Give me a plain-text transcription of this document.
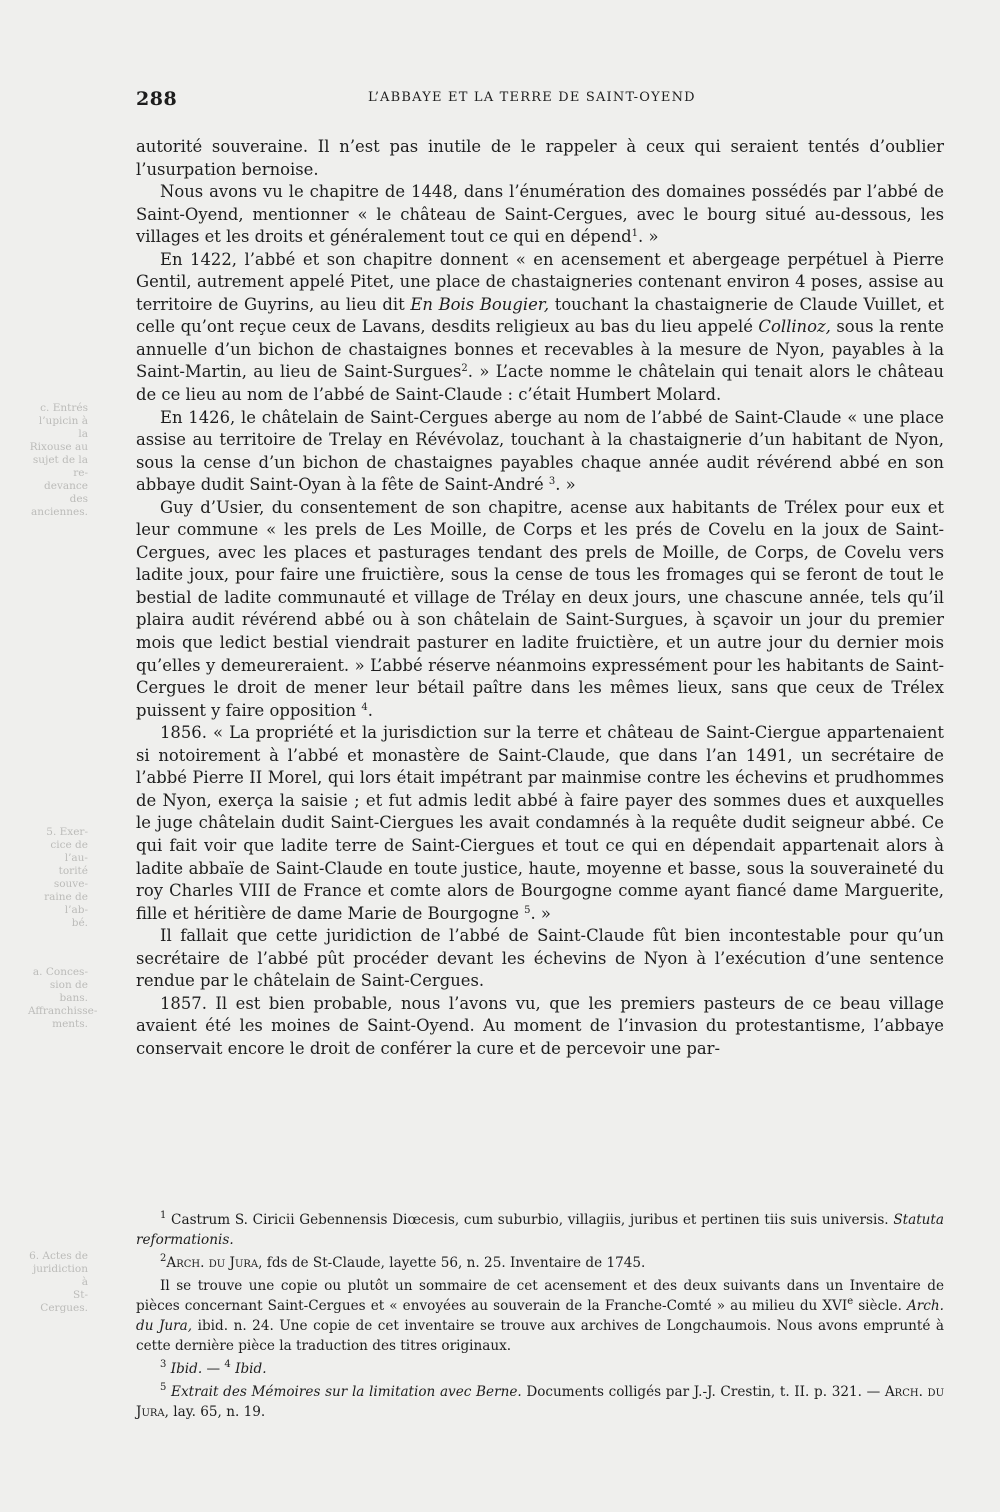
c. Entrés
l’upicin à la
Rixouse au
sujet de la re-
devance des
anciennes.
5. Exer-
cice de l’au-
torité souve-
raine de l’ab-
bé.
a. Conces-
sion de bans.
Affranchisse-
ments.
6. Actes de
juridiction à
St-Cergues.
288	L’ABBAYE ET LA TERRE DE SAINT-OYEND

autorité souveraine. Il n’est pas inutile de le rappeler à ceux qui seraient tentés d’oublier l’usurpation bernoise.

Nous avons vu le chapitre de 1448, dans l’énumération des domaines possédés par l’abbé de Saint-Oyend, mentionner « le château de Saint-Cergues, avec le bourg situé au-dessous, les villages et les droits et généralement tout ce qui en dépend$^1$. »

En 1422, l’abbé et son chapitre donnent « en acensement et abergeage perpétuel à Pierre Gentil, autrement appelé Pitet, une place de chastaigneries contenant environ 4 poses, assise au territoire de Guyrins, au lieu dit En Bois Bougier, touchant la chastaignerie de Claude Vuillet, et celle qu’ont reçue ceux de Lavans, desdits religieux au bas du lieu appelé Collinoz, sous la rente annuelle d’un bichon de chastaignes bonnes et recevables à la mesure de Nyon, payables à la Saint-Martin, au lieu de Saint-Surgues$^2$. » L’acte nomme le châtelain qui tenait alors le château de ce lieu au nom de l’abbé de Saint-Claude : c’était Humbert Molard.

En 1426, le châtelain de Saint-Cergues aberge au nom de l’abbé de Saint-Claude « une place assise au territoire de Trelay en Révévolaz, touchant à la chastaignerie d’un habitant de Nyon, sous la cense d’un bichon de chastaignes payables chaque année audit révérend abbé en son abbaye dudit Saint-Oyan à la fête de Saint-André $^3$. »

Guy d’Usier, du consentement de son chapitre, acense aux habitants de Trélex pour eux et leur commune « les prels de Les Moille, de Corps et les prés de Covelu en la joux de Saint-Cergues, avec les places et pasturages tendant des prels de Moille, de Corps, de Covelu vers ladite joux, pour faire une fruictière, sous la cense de tous les fromages qui se feront de tout le bestial de ladite communauté et village de Trélay en deux jours, une chascune année, tels qu’il plaira audit révérend abbé ou à son châtelain de Saint-Surgues, à sçavoir un jour du premier mois que ledict bestial viendrait pasturer en ladite fruictière, et un autre jour du dernier mois qu’elles y demeureraient. » L’abbé réserve néanmoins expressément pour les habitants de Saint-Cergues le droit de mener leur bétail paître dans les mêmes lieux, sans que ceux de Trélex puissent y faire opposition $^4$.

1856. « La propriété et la jurisdiction sur la terre et château de Saint-Ciergue appartenaient si notoirement à l’abbé et monastère de Saint-Claude, que dans l’an 1491, un secrétaire de l’abbé Pierre II Morel, qui lors était impétrant par mainmise contre les échevins et prudhommes de Nyon, exerça la saisie ; et fut admis ledit abbé à faire payer des sommes dues et auxquelles le juge châtelain dudit Saint-Ciergues les avait condamnés à la requête dudit seigneur abbé. Ce qui fait voir que ladite terre de Saint-Ciergues et tout ce qui en dépendait appartenait alors à ladite abbaïe de Saint-Claude en toute justice, haute, moyenne et basse, sous la souveraineté du roy Charles VIII de France et comte alors de Bourgogne comme ayant fiancé dame Marguerite, fille et héritière de dame Marie de Bourgogne $^5$. »

Il fallait que cette juridiction de l’abbé de Saint-Claude fût bien incontestable pour qu’un secrétaire de l’abbé pût procéder devant les échevins de Nyon à l’exécution d’une sentence rendue par le châtelain de Saint-Cergues.

1857. Il est bien probable, nous l’avons vu, que les premiers pasteurs de ce beau village avaient été les moines de Saint-Oyend. Au moment de l’invasion du protestantisme, l’abbaye conservait encore le droit de conférer la cure et de percevoir une par-

$^1$ Castrum S. Ciricii Gebennensis Diœcesis, cum suburbio, villagiis, juribus et pertinen tiis suis universis. Statuta reformationis.

$^2$Arch. du Jura, fds de St-Claude, layette 56, n. 25. Inventaire de 1745.

Il se trouve une copie ou plutôt un sommaire de cet acensement et des deux suivants dans un Inventaire de pièces concernant Saint-Cergues et « envoyées au souverain de la Franche-Comté » au milieu du XVIe siècle. Arch. du Jura, ibid. n. 24. Une copie de cet inventaire se trouve aux archives de Longchaumois. Nous avons emprunté à cette dernière pièce la traduction des titres originaux.

$^3$ Ibid. — $^4$ Ibid.

$^5$ Extrait des Mémoires sur la limitation avec Berne. Documents colligés par J.-J. Crestin, t. II. p. 321. — Arch. du Jura, lay. 65, n. 19.
